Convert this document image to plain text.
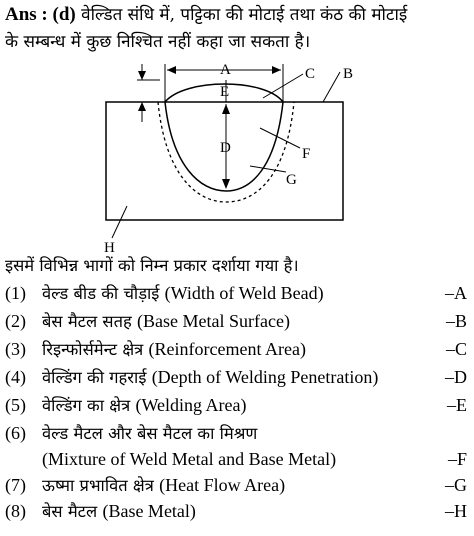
Ans : (d) वेल्डित संधि में, पट्टिका की मोटाई तथा कंठ की मोटाई

के सम्बन्ध में कुछ निश्चित नहीं कहा जा सकता है।

A
E
D
C B
F
G
H

इसमें विभिन्न भागों को निम्न प्रकार दर्शाया गया है।

(1) वेल्ड बीड की चौड़ाई (Width of Weld Bead)	–A
(2) बेस मैटल सतह (Base Metal Surface)	–B
(3) रिइन्फोर्समेन्ट क्षेत्र (Reinforcement Area)	–C
(4) वेल्डिंग की गहराई (Depth of Welding Penetration)	–D
(5) वेल्डिंग का क्षेत्र (Welding Area)	–E
(6) वेल्ड मैटल और बेस मैटल का मिश्रण
(Mixture of Weld Metal and Base Metal)	–F
(7) ऊष्मा प्रभावित क्षेत्र (Heat Flow Area)	–G
(8) बेस मैटल (Base Metal)	–H
